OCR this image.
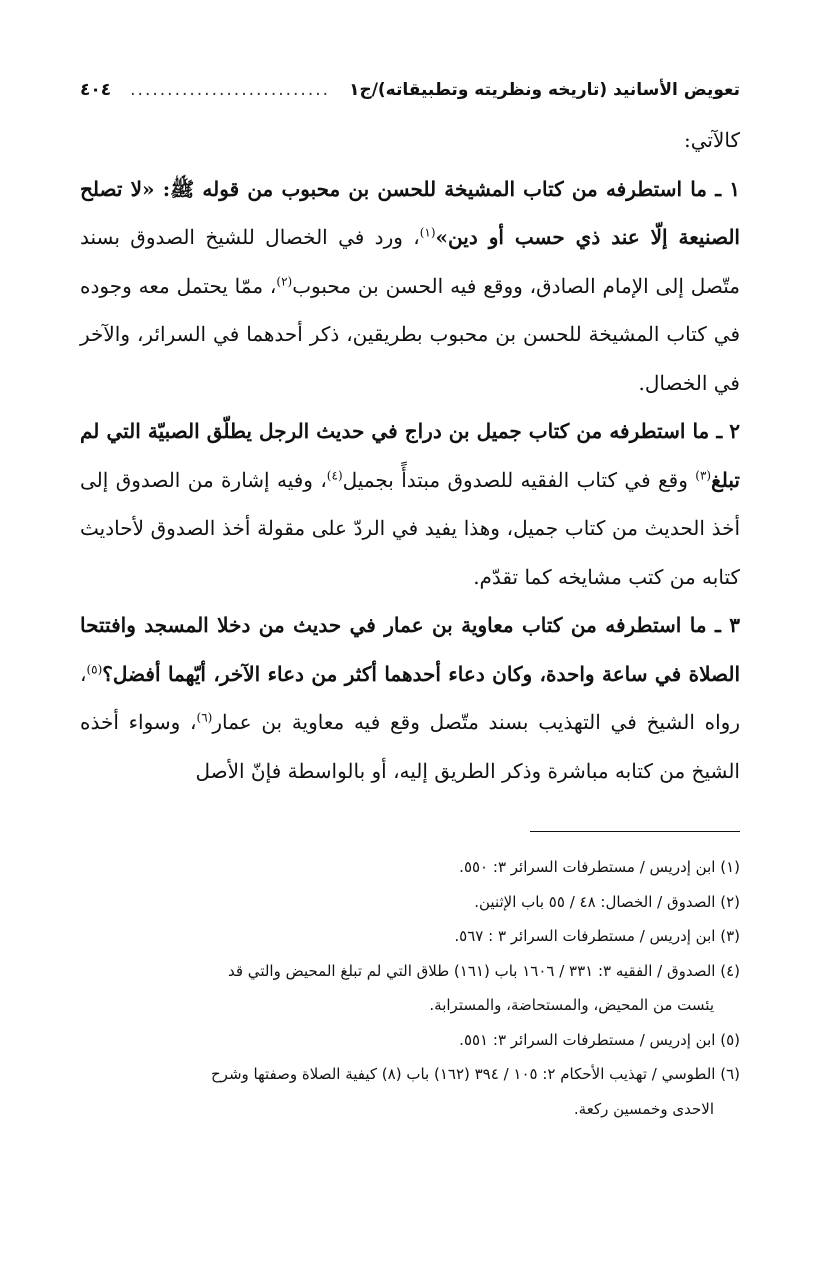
تعويض الأسانيد (تاريخه ونظريته وتطبيقاته)/ج١
...........................
٤٠٤

كالآتي:

١ ـ ما استطرفه من كتاب المشيخة للحسن بن محبوب من قوله ﷺ: «لا تصلح الصنيعة إلّا عند ذي حسب أو دين»$^{(١)}$، ورد في الخصال للشيخ الصدوق بسند متّصل إلى الإمام الصادق، ووقع فيه الحسن بن محبوب$^{(٢)}$، ممّا يحتمل معه وجوده في كتاب المشيخة للحسن بن محبوب بطريقين، ذكر أحدهما في السرائر، والآخر في الخصال.

٢ ـ ما استطرفه من كتاب جميل بن دراج في حديث الرجل يطلّق الصبيّة التي لم تبلغ$^{(٣)}$ وقع في كتاب الفقيه للصدوق مبتدأً بجميل$^{(٤)}$، وفيه إشارة من الصدوق إلى أخذ الحديث من كتاب جميل، وهذا يفيد في الردّ على مقولة أخذ الصدوق لأحاديث كتابه من كتب مشايخه كما تقدّم.

٣ ـ ما استطرفه من كتاب معاوية بن عمار في حديث من دخلا المسجد وافتتحا الصلاة في ساعة واحدة، وكان دعاء أحدهما أكثر من دعاء الآخر، أيّهما أفضل؟$^{(٥)}$، رواه الشيخ في التهذيب بسند متّصل وقع فيه معاوية بن عمار$^{(٦)}$، وسواء أخذه الشيخ من كتابه مباشرة وذكر الطريق إليه، أو بالواسطة فإنّ الأصل

(١) ابن إدريس / مستطرفات السرائر ٣: ٥٥٠.

(٢) الصدوق / الخصال: ٤٨ / ٥٥ باب الإثنين.

(٣) ابن إدريس / مستطرفات السرائر ٣ : ٥٦٧.

(٤) الصدوق / الفقيه ٣: ٣٣١ / ١٦٠٦ باب (١٦١) طلاق التي لم تبلغ المحيض والتي قد

يئست من المحيض، والمستحاضة، والمسترابة.

(٥) ابن إدريس / مستطرفات السرائر ٣: ٥٥١.

(٦) الطوسي / تهذيب الأحكام ٢: ١٠٥ / ٣٩٤ (١٦٢) باب (٨) كيفية الصلاة وصفتها وشرح

الاحدى وخمسين ركعة.
